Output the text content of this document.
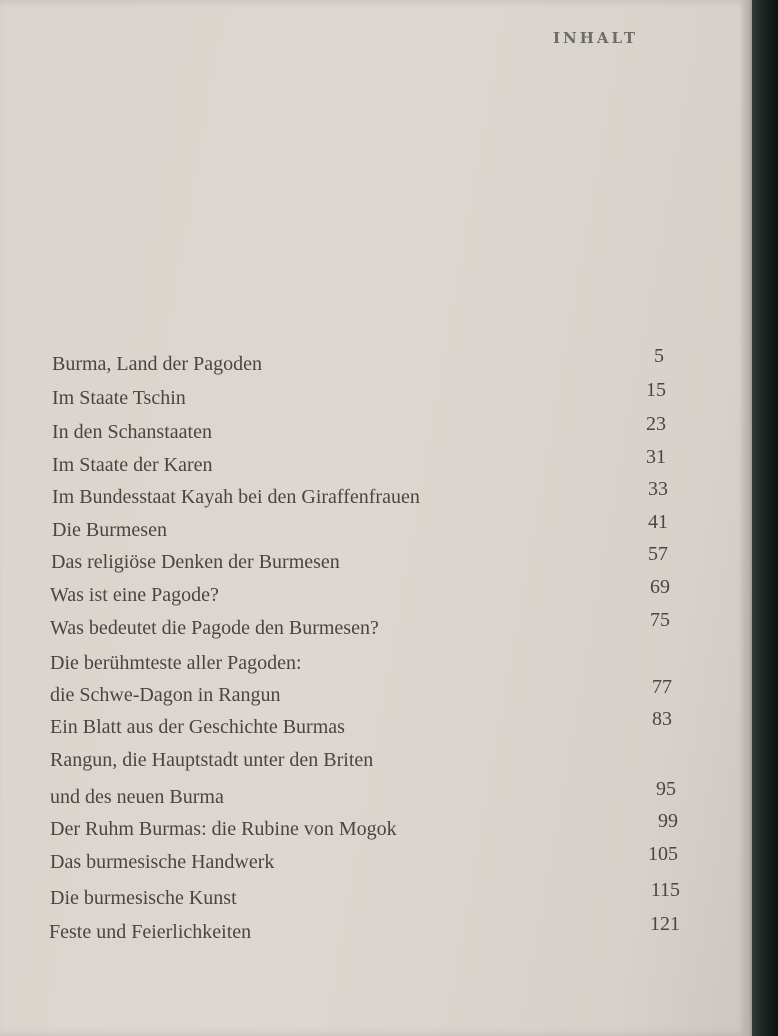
INHALT
Burma, Land der Pagoden	5
Im Staate Tschin	15
In den Schanstaaten	23
Im Staate der Karen	31
Im Bundesstaat Kayah bei den Giraffenfrauen	33
Die Burmesen	41
Das religiöse Denken der Burmesen	57
Was ist eine Pagode?	69
Was bedeutet die Pagode den Burmesen?	75
Die berühmteste aller Pagoden:
die Schwe-Dagon in Rangun	77
Ein Blatt aus der Geschichte Burmas	83
Rangun, die Hauptstadt unter den Briten
und des neuen Burma	95
Der Ruhm Burmas: die Rubine von Mogok	99
Das burmesische Handwerk	105
Die burmesische Kunst	115
Feste und Feierlichkeiten	121
